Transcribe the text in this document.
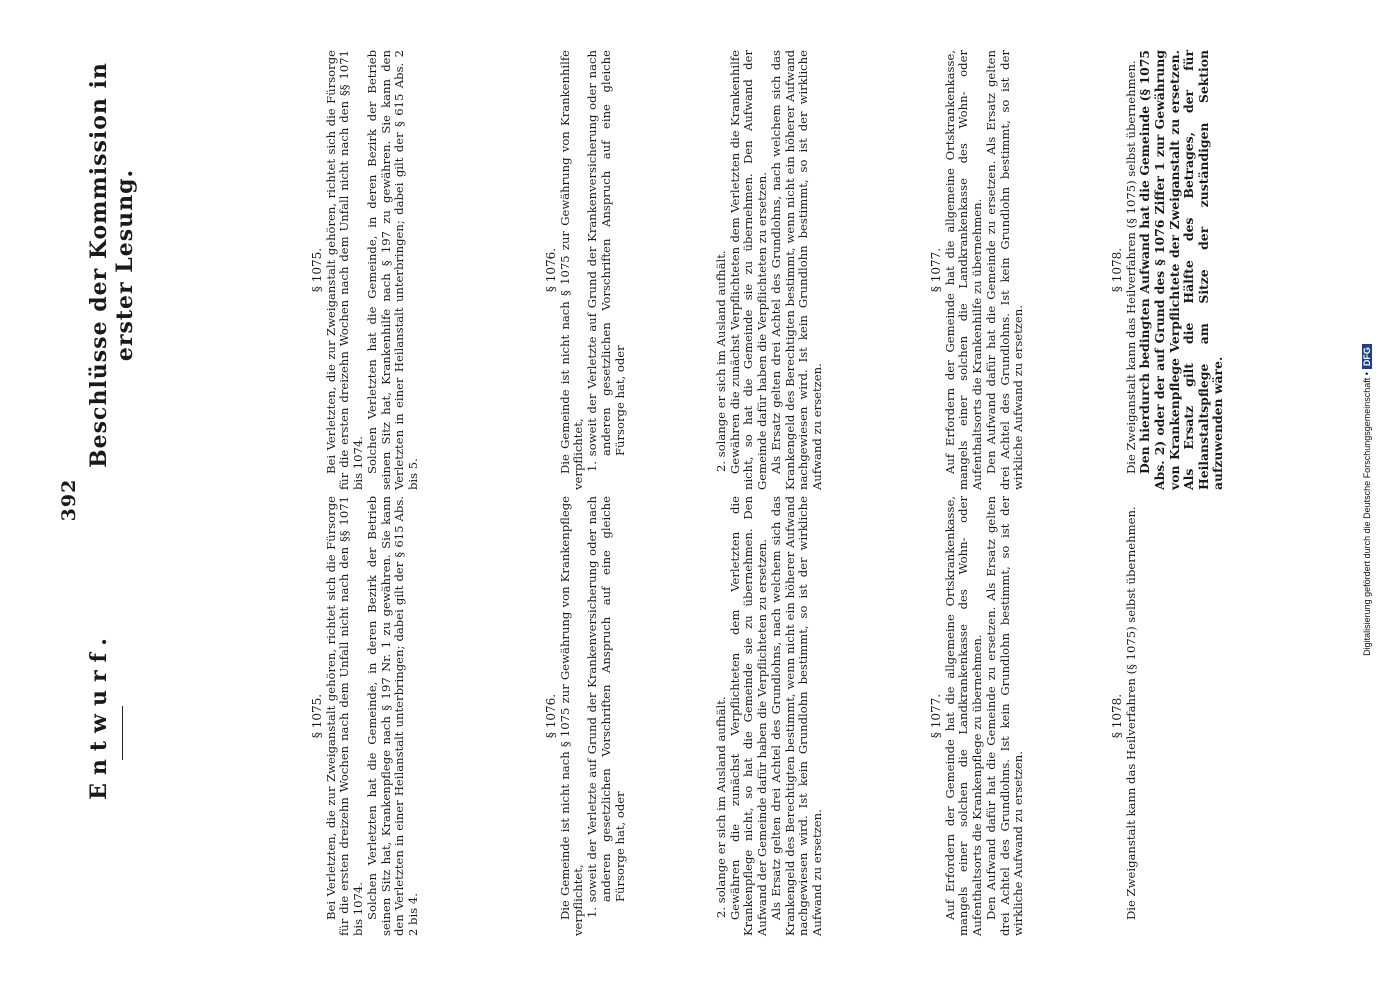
392
Entwurf.
Beschlüsse der Kommission in erster Lesung.
§ 1075. Bei Verletzten, die zur Zweiganstalt gehören, richtet sich die Fürsorge für die ersten dreizehn Wochen nach dem Unfall nicht nach den §§ 1071 bis 1074. Solchen Verletzten hat die Gemeinde, in deren Bezirk der Betrieb seinen Sitz hat, Krankenpflege nach § 197 Nr. 1 zu gewähren. Sie kann den Verletzten in einer Heilanstalt unterbringen; dabei gilt der § 615 Abs. 2 bis 4.

§ 1076. Die Gemeinde ist nicht nach § 1075 zur Gewährung von Krankenpflege verpflichtet, 1. soweit der Verletzte auf Grund der Krankenversicherung oder nach anderen gesetzlichen Vorschriften Anspruch auf eine gleiche Fürsorge hat, oder	2. solange er sich im Ausland aufhält. Gewähren die zunächst Verpflichteten dem Verletzten die Krankenpflege nicht, so hat die Gemeinde sie zu übernehmen. Den Aufwand der Gemeinde dafür haben die Verpflichteten zu ersetzen. Als Ersatz gelten drei Achtel des Grundlohns, nach welchem sich das Krankengeld des Berechtigten bestimmt, wenn nicht ein höherer Aufwand nachgewiesen wird. Ist kein Grundlohn bestimmt, so ist der wirkliche Aufwand zu ersetzen.

§ 1077. Auf Erfordern der Gemeinde hat die allgemeine Ortskrankenkasse, mangels einer solchen die Landkrankenkasse des Wohn- oder Aufenthaltsorts die Krankenpflege zu übernehmen. Den Aufwand dafür hat die Gemeinde zu ersetzen. Als Ersatz gelten drei Achtel des Grundlohns. Ist kein Grundlohn bestimmt, so ist der wirkliche Aufwand zu ersetzen.

§ 1078. Die Zweiganstalt kann das Heilverfahren (§ 1075) selbst übernehmen.

§ 1075. Bei Verletzten, die zur Zweiganstalt gehören, richtet sich die Fürsorge für die ersten dreizehn Wochen nach dem Unfall nicht nach den §§ 1071 bis 1074. Solchen Verletzten hat die Gemeinde, in deren Bezirk der Betrieb seinen Sitz hat, Krankenhilfe nach § 197 zu gewähren. Sie kann den Verletzten in einer Heilanstalt unterbringen; dabei gilt der § 615 Abs. 2 bis 5.

§ 1076. Die Gemeinde ist nicht nach § 1075 zur Gewährung von Krankenhilfe verpflichtet, 1. soweit der Verletzte auf Grund der Krankenversicherung oder nach anderen gesetzlichen Vorschriften Anspruch auf eine gleiche Fürsorge hat, oder	2. solange er sich im Ausland aufhält. Gewähren die zunächst Verpflichteten dem Verletzten die Krankenhilfe nicht, so hat die Gemeinde sie zu übernehmen. Den Aufwand der Gemeinde dafür haben die Verpflichteten zu ersetzen. Als Ersatz gelten drei Achtel des Grundlohns, nach welchem sich das Krankengeld des Berechtigten bestimmt, wenn nicht ein höherer Aufwand nachgewiesen wird. Ist kein Grundlohn bestimmt, so ist der wirkliche Aufwand zu ersetzen.

§ 1077. Auf Erfordern der Gemeinde hat die allgemeine Ortskrankenkasse, mangels einer solchen die Landkrankenkasse des Wohn- oder Aufenthaltsorts die Krankenhilfe zu übernehmen. Den Aufwand dafür hat die Gemeinde zu ersetzen. Als Ersatz gelten drei Achtel des Grundlohns. Ist kein Grundlohn bestimmt, so ist der wirkliche Aufwand zu ersetzen.

§ 1078. Die Zweiganstalt kann das Heilverfahren (§ 1075) selbst übernehmen. Den hierdurch bedingten Aufwand hat die Gemeinde (§ 1075 Abs. 2) oder der auf Grund des § 1076 Ziffer 1 zur Gewährung von Krankenpflege Verpflichtete der Zweiganstalt zu ersetzen. Als Ersatz gilt die Hälfte des Betrages, der für Heilanstaltspflege am Sitze der zuständigen Sektion aufzuwenden wäre.	Digitalisierung gefördert durch die Deutsche Forschungsgemeinschaft •DFG
